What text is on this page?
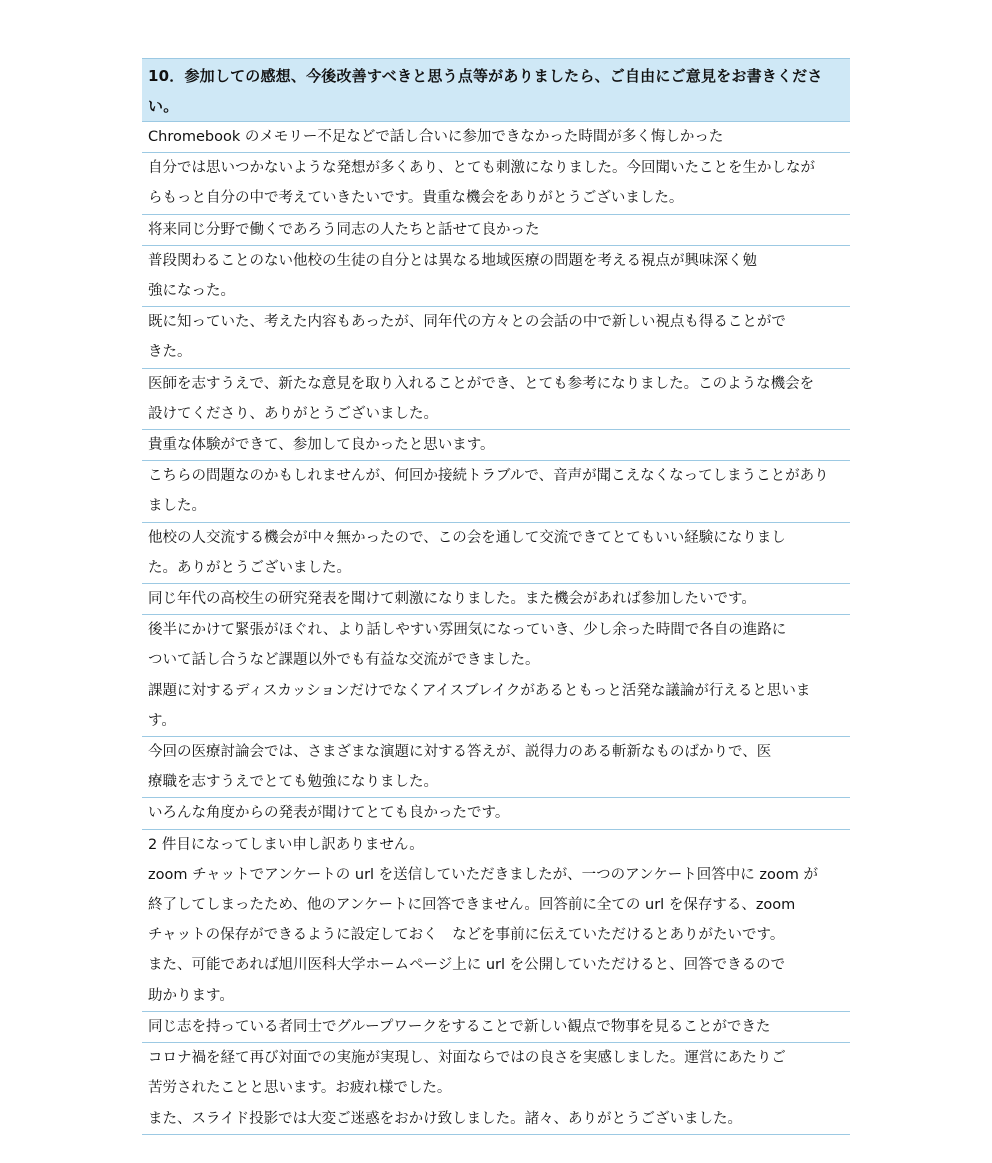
10．参加しての感想、今後改善すべきと思う点等がありましたら、ご自由にご意見をお書きくださ
い。
Chromebook のメモリー不足などで話し合いに参加できなかった時間が多く悔しかった
自分では思いつかないような発想が多くあり、とても刺激になりました。今回聞いたことを生かしなが
らもっと自分の中で考えていきたいです。貴重な機会をありがとうございました。
将来同じ分野で働くであろう同志の人たちと話せて良かった
普段関わることのない他校の生徒の自分とは異なる地域医療の問題を考える視点が興味深く勉
強になった。
既に知っていた、考えた内容もあったが、同年代の方々との会話の中で新しい視点も得ることがで
きた。
医師を志すうえで、新たな意見を取り入れることができ、とても参考になりました。このような機会を
設けてくださり、ありがとうございました。
貴重な体験ができて、参加して良かったと思います。
こちらの問題なのかもしれませんが、何回か接続トラブルで、音声が聞こえなくなってしまうことがあり
ました。
他校の人交流する機会が中々無かったので、この会を通して交流できてとてもいい経験になりまし
た。ありがとうございました。
同じ年代の高校生の研究発表を聞けて刺激になりました。また機会があれば参加したいです。
後半にかけて緊張がほぐれ、より話しやすい雰囲気になっていき、少し余った時間で各自の進路に
ついて話し合うなど課題以外でも有益な交流ができました。
課題に対するディスカッションだけでなくアイスブレイクがあるともっと活発な議論が行えると思いま
す。
今回の医療討論会では、さまざまな演題に対する答えが、説得力のある斬新なものばかりで、医
療職を志すうえでとても勉強になりました。
いろんな角度からの発表が聞けてとても良かったです。
2 件目になってしまい申し訳ありません。
zoom チャットでアンケートの url を送信していただきましたが、一つのアンケート回答中に zoom が
終了してしまったため、他のアンケートに回答できません。回答前に全ての url を保存する、zoom
チャットの保存ができるように設定しておく　などを事前に伝えていただけるとありがたいです。
また、可能であれば旭川医科大学ホームページ上に url を公開していただけると、回答できるので
助かります。
同じ志を持っている者同士でグループワークをすることで新しい観点で物事を見ることができた
コロナ禍を経て再び対面での実施が実現し、対面ならではの良さを実感しました。運営にあたりご
苦労されたことと思います。お疲れ様でした。
また、スライド投影では大変ご迷惑をおかけ致しました。諸々、ありがとうございました。
